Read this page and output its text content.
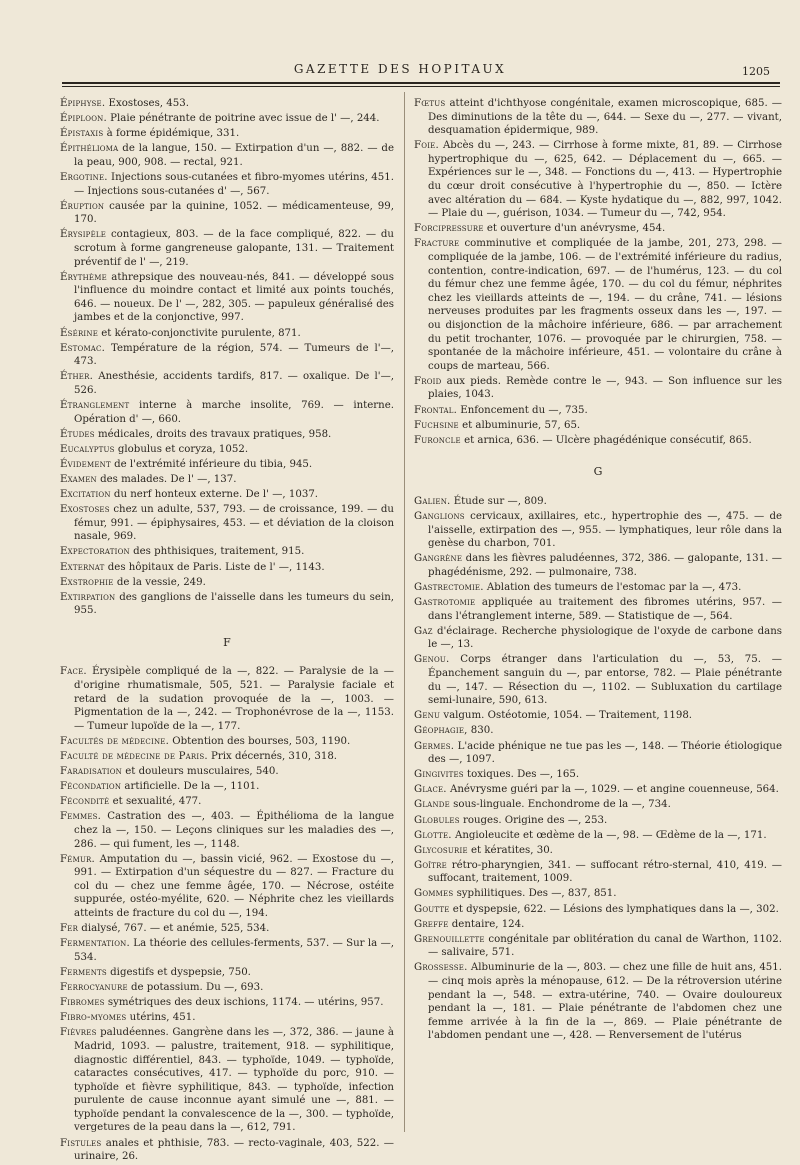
GAZETTE DES HOPITAUX	1205
Épiphyse. Exostoses, 453.
Épiploon. Plaie pénétrante de poitrine avec issue de l' —, 244.
Épistaxis à forme épidémique, 331.
Épithélioma de la langue, 150. — Extirpation d'un —, 882. — de la peau, 900, 908. — rectal, 921.
Ergotine. Injections sous-cutanées et fibro-myomes utérins, 451. — Injections sous-cutanées d' —, 567.
Éruption causée par la quinine, 1052. — médicamenteuse, 99, 170.
Érysipèle contagieux, 803. — de la face compliqué, 822. — du scrotum à forme gangreneuse galopante, 131. — Traitement préventif de l' —, 219.
Érythème athrepsique des nouveau-nés, 841. — développé sous l'influence du moindre contact et limité aux points touchés, 646. — noueux. De l' —, 282, 305. — papuleux généralisé des jambes et de la conjonctive, 997.
Ésérine et kérato-conjonctivite purulente, 871.
Estomac. Température de la région, 574. — Tumeurs de l'—, 473.
Éther. Anesthésie, accidents tardifs, 817. — oxalique. De l'—, 526.
Étranglement interne à marche insolite, 769. — interne. Opération d' —, 660.
Études médicales, droits des travaux pratiques, 958.
Eucalyptus globulus et coryza, 1052.
Évidement de l'extrémité inférieure du tibia, 945.
Examen des malades. De l' —, 137.
Excitation du nerf honteux externe. De l' —, 1037.
Exostoses chez un adulte, 537, 793. — de croissance, 199. — du fémur, 991. — épiphysaires, 453. — et déviation de la cloison nasale, 969.
Expectoration des phthisiques, traitement, 915.
Externat des hôpitaux de Paris. Liste de l' —, 1143.
Exstrophie de la vessie, 249.
Extirpation des ganglions de l'aisselle dans les tumeurs du sein, 955.
F
Face. Érysipèle compliqué de la —, 822. — Paralysie de la — d'origine rhumatismale, 505, 521. — Paralysie faciale et retard de la sudation provoquée de la —, 1003. — Pigmentation de la —, 242. — Trophonévrose de la —, 1153. — Tumeur lupoïde de la —, 177.
Facultés de médecine. Obtention des bourses, 503, 1190.
Faculté de médecine de Paris. Prix décernés, 310, 318.
Faradisation et douleurs musculaires, 540.
Fécondation artificielle. De la —, 1101.
Fécondité et sexualité, 477.
Femmes. Castration des —, 403. — Épithélioma de la langue chez la —, 150. — Leçons cliniques sur les maladies des —, 286. — qui fument, les —, 1148.
Fémur. Amputation du —, bassin vicié, 962. — Exostose du —, 991. — Extirpation d'un séquestre du — 827. — Fracture du col du — chez une femme âgée, 170. — Nécrose, ostéite suppurée, ostéo-myélite, 620. — Néphrite chez les vieillards atteints de fracture du col du —, 194.
Fer dialysé, 767. — et anémie, 525, 534.
Fermentation. La théorie des cellules-ferments, 537. — Sur la —, 534.
Ferments digestifs et dyspepsie, 750.
Ferrocyanure de potassium. Du —, 693.
Fibromes symétriques des deux ischions, 1174. — utérins, 957.
Fibro-myomes utérins, 451.
Fièvres paludéennes. Gangrène dans les —, 372, 386. — jaune à Madrid, 1093. — palustre, traitement, 918. — syphilitique, diagnostic différentiel, 843. — typhoïde, 1049. — typhoïde, cataractes consécutives, 417. — typhoïde du porc, 910. — typhoïde et fièvre syphilitique, 843. — typhoïde, infection purulente de cause inconnue ayant simulé une —, 881. — typhoïde pendant la convalescence de la —, 300. — typhoïde, vergetures de la peau dans la —, 612, 791.
Fistules anales et phthisie, 783. — recto-vaginale, 403, 522. — urinaire, 26.
Fœtus atteint d'ichthyose congénitale, examen microscopique, 685. — Des diminutions de la tête du —, 644. — Sexe du —, 277. — vivant, desquamation épidermique, 989.
Foie. Abcès du —, 243. — Cirrhose à forme mixte, 81, 89. — Cirrhose hypertrophique du —, 625, 642. — Déplacement du —, 665. — Expériences sur le —, 348. — Fonctions du —, 413. — Hypertrophie du cœur droit consécutive à l'hypertrophie du —, 850. — Ictère avec altération du — 684. — Kyste hydatique du —, 882, 997, 1042. — Plaie du —, guérison, 1034. — Tumeur du —, 742, 954.
Forcipressure et ouverture d'un anévrysme, 454.
Fracture comminutive et compliquée de la jambe, 201, 273, 298. — compliquée de la jambe, 106. — de l'extrémité inférieure du radius, contention, contre-indication, 697. — de l'humérus, 123. — du col du fémur chez une femme âgée, 170. — du col du fémur, néphrites chez les vieillards atteints de —, 194. — du crâne, 741. — lésions nerveuses produites par les fragments osseux dans les —, 197. — ou disjonction de la mâchoire inférieure, 686. — par arrachement du petit trochanter, 1076. — provoquée par le chirurgien, 758. — spontanée de la mâchoire inférieure, 451. — volontaire du crâne à coups de marteau, 566.
Froid aux pieds. Remède contre le —, 943. — Son influence sur les plaies, 1043.
Frontal. Enfoncement du —, 735.
Fuchsine et albuminurie, 57, 65.
Furoncle et arnica, 636. — Ulcère phagédénique consécutif, 865.
G
Galien. Étude sur —, 809.
Ganglions cervicaux, axillaires, etc., hypertrophie des —, 475. — de l'aisselle, extirpation des —, 955. — lymphatiques, leur rôle dans la genèse du charbon, 701.
Gangrène dans les fièvres paludéennes, 372, 386. — galopante, 131. — phagédénisme, 292. — pulmonaire, 738.
Gastrectomie. Ablation des tumeurs de l'estomac par la —, 473.
Gastrotomie appliquée au traitement des fibromes utérins, 957. — dans l'étranglement interne, 589. — Statistique de —, 564.
Gaz d'éclairage. Recherche physiologique de l'oxyde de carbone dans le —, 13.
Genou. Corps étranger dans l'articulation du —, 53, 75. — Épanchement sanguin du —, par entorse, 782. — Plaie pénétrante du —, 147. — Résection du —, 1102. — Subluxation du cartilage semi-lunaire, 590, 613.
Genu valgum. Ostéotomie, 1054. — Traitement, 1198.
Géophagie, 830.
Germes. L'acide phénique ne tue pas les —, 148. — Théorie étiologique des —, 1097.
Gingivites toxiques. Des —, 165.
Glace. Anévrysme guéri par la —, 1029. — et angine couenneuse, 564.
Glande sous-linguale. Enchondrome de la —, 734.
Globules rouges. Origine des —, 253.
Glotte. Angioleucite et œdème de la —, 98. — Œdème de la —, 171.
Glycosurie et kératites, 30.
Goître rétro-pharyngien, 341. — suffocant rétro-sternal, 410, 419. — suffocant, traitement, 1009.
Gommes syphilitiques. Des —, 837, 851.
Goutte et dyspepsie, 622. — Lésions des lymphatiques dans la —, 302.
Greffe dentaire, 124.
Grenouillette congénitale par oblitération du canal de Warthon, 1102. — salivaire, 571.
Grossesse. Albuminurie de la —, 803. — chez une fille de huit ans, 451. — cinq mois après la ménopause, 612. — De la rétroversion utérine pendant la —, 548. — extra-utérine, 740. — Ovaire douloureux pendant la —, 181. — Plaie pénétrante de l'abdomen chez une femme arrivée à la fin de la —, 869. — Plaie pénétrante de l'abdomen pendant une —, 428. — Renversement de l'utérus
